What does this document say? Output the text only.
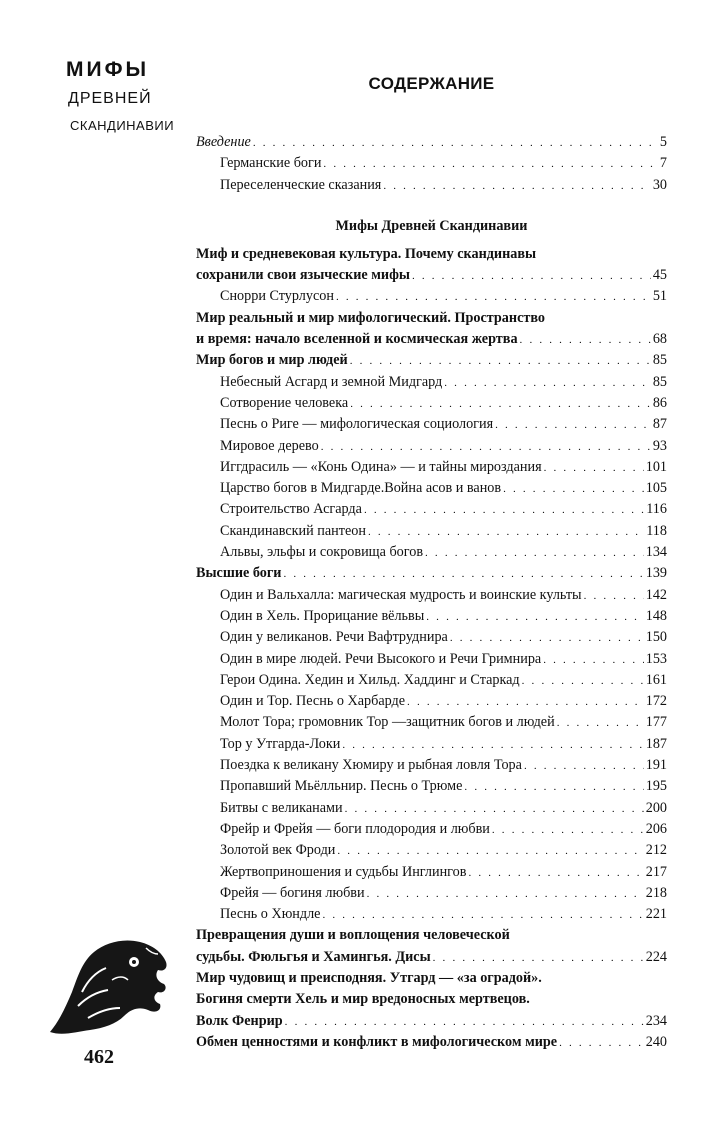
МИФЫ
ДРЕВНЕЙ
СКАНДИНАВИИ
462
СОДЕРЖАНИЕ
Введение . . .	5
Германские боги . . .	7
Переселенческие сказания . . .	30
Мифы Древней Скандинавии
Миф и средневековая культура. Почему скандинавы
сохранили свои языческие мифы . . .	45
Снорри Стурлусон . . .	51
Мир реальный и мир мифологический. Пространство
и время: начало вселенной и космическая жертва . . .	68
Мир богов и мир людей . . .	85
Небесный Асгард и земной Мидгард . . .	85
Сотворение человека . . .	86
Песнь о Риге — мифологическая социология . . .	87
Мировое дерево . . .	93
Иггдрасиль — «Конь Одина» — и тайны мироздания . . .	101
Царство богов в Мидгарде.Война асов и ванов . . .	105
Строительство Асгарда . . .	116
Скандинавский пантеон . . .	118
Альвы, эльфы и сокровища богов . . .	134
Высшие боги . . .	139
Один и Вальхалла: магическая мудрость и воинские культы . . .	142
Один в Хель. Прорицание вёльвы . . .	148
Один у великанов. Речи Вафтруднира . . .	150
Один в мире людей. Речи Высокого и Речи Гримнира . . .	153
Герои Одина. Хедин и Хильд. Хаддинг и Старкад . . .	161
Один и Тор. Песнь о Харбарде . . .	172
Молот Тора; громовник Тор —защитник богов и людей . . .	177
Тор у Утгарда-Локи . . .	187
Поездка к великану Хюмиру и рыбная ловля Тора . . .	191
Пропавший Мьёлльнир. Песнь о Трюме . . .	195
Битвы с великанами . . .	200
Фрейр и Фрейя — боги плодородия и любви . . .	206
Золотой век Фроди . . .	212
Жертвоприношения и судьбы Инглингов . . .	217
Фрейя — богиня любви . . .	218
Песнь о Хюндле . . .	221
Превращения души и воплощения человеческой
судьбы. Фюльгья и Хамингья. Дисы . . .	224
Мир чудовищ и преисподняя. Утгард — «за оградой».
Богиня смерти Хель и мир вредоносных мертвецов.
Волк Фенрир . . .	234
Обмен ценностями и конфликт в мифологическом мире . . .	240
